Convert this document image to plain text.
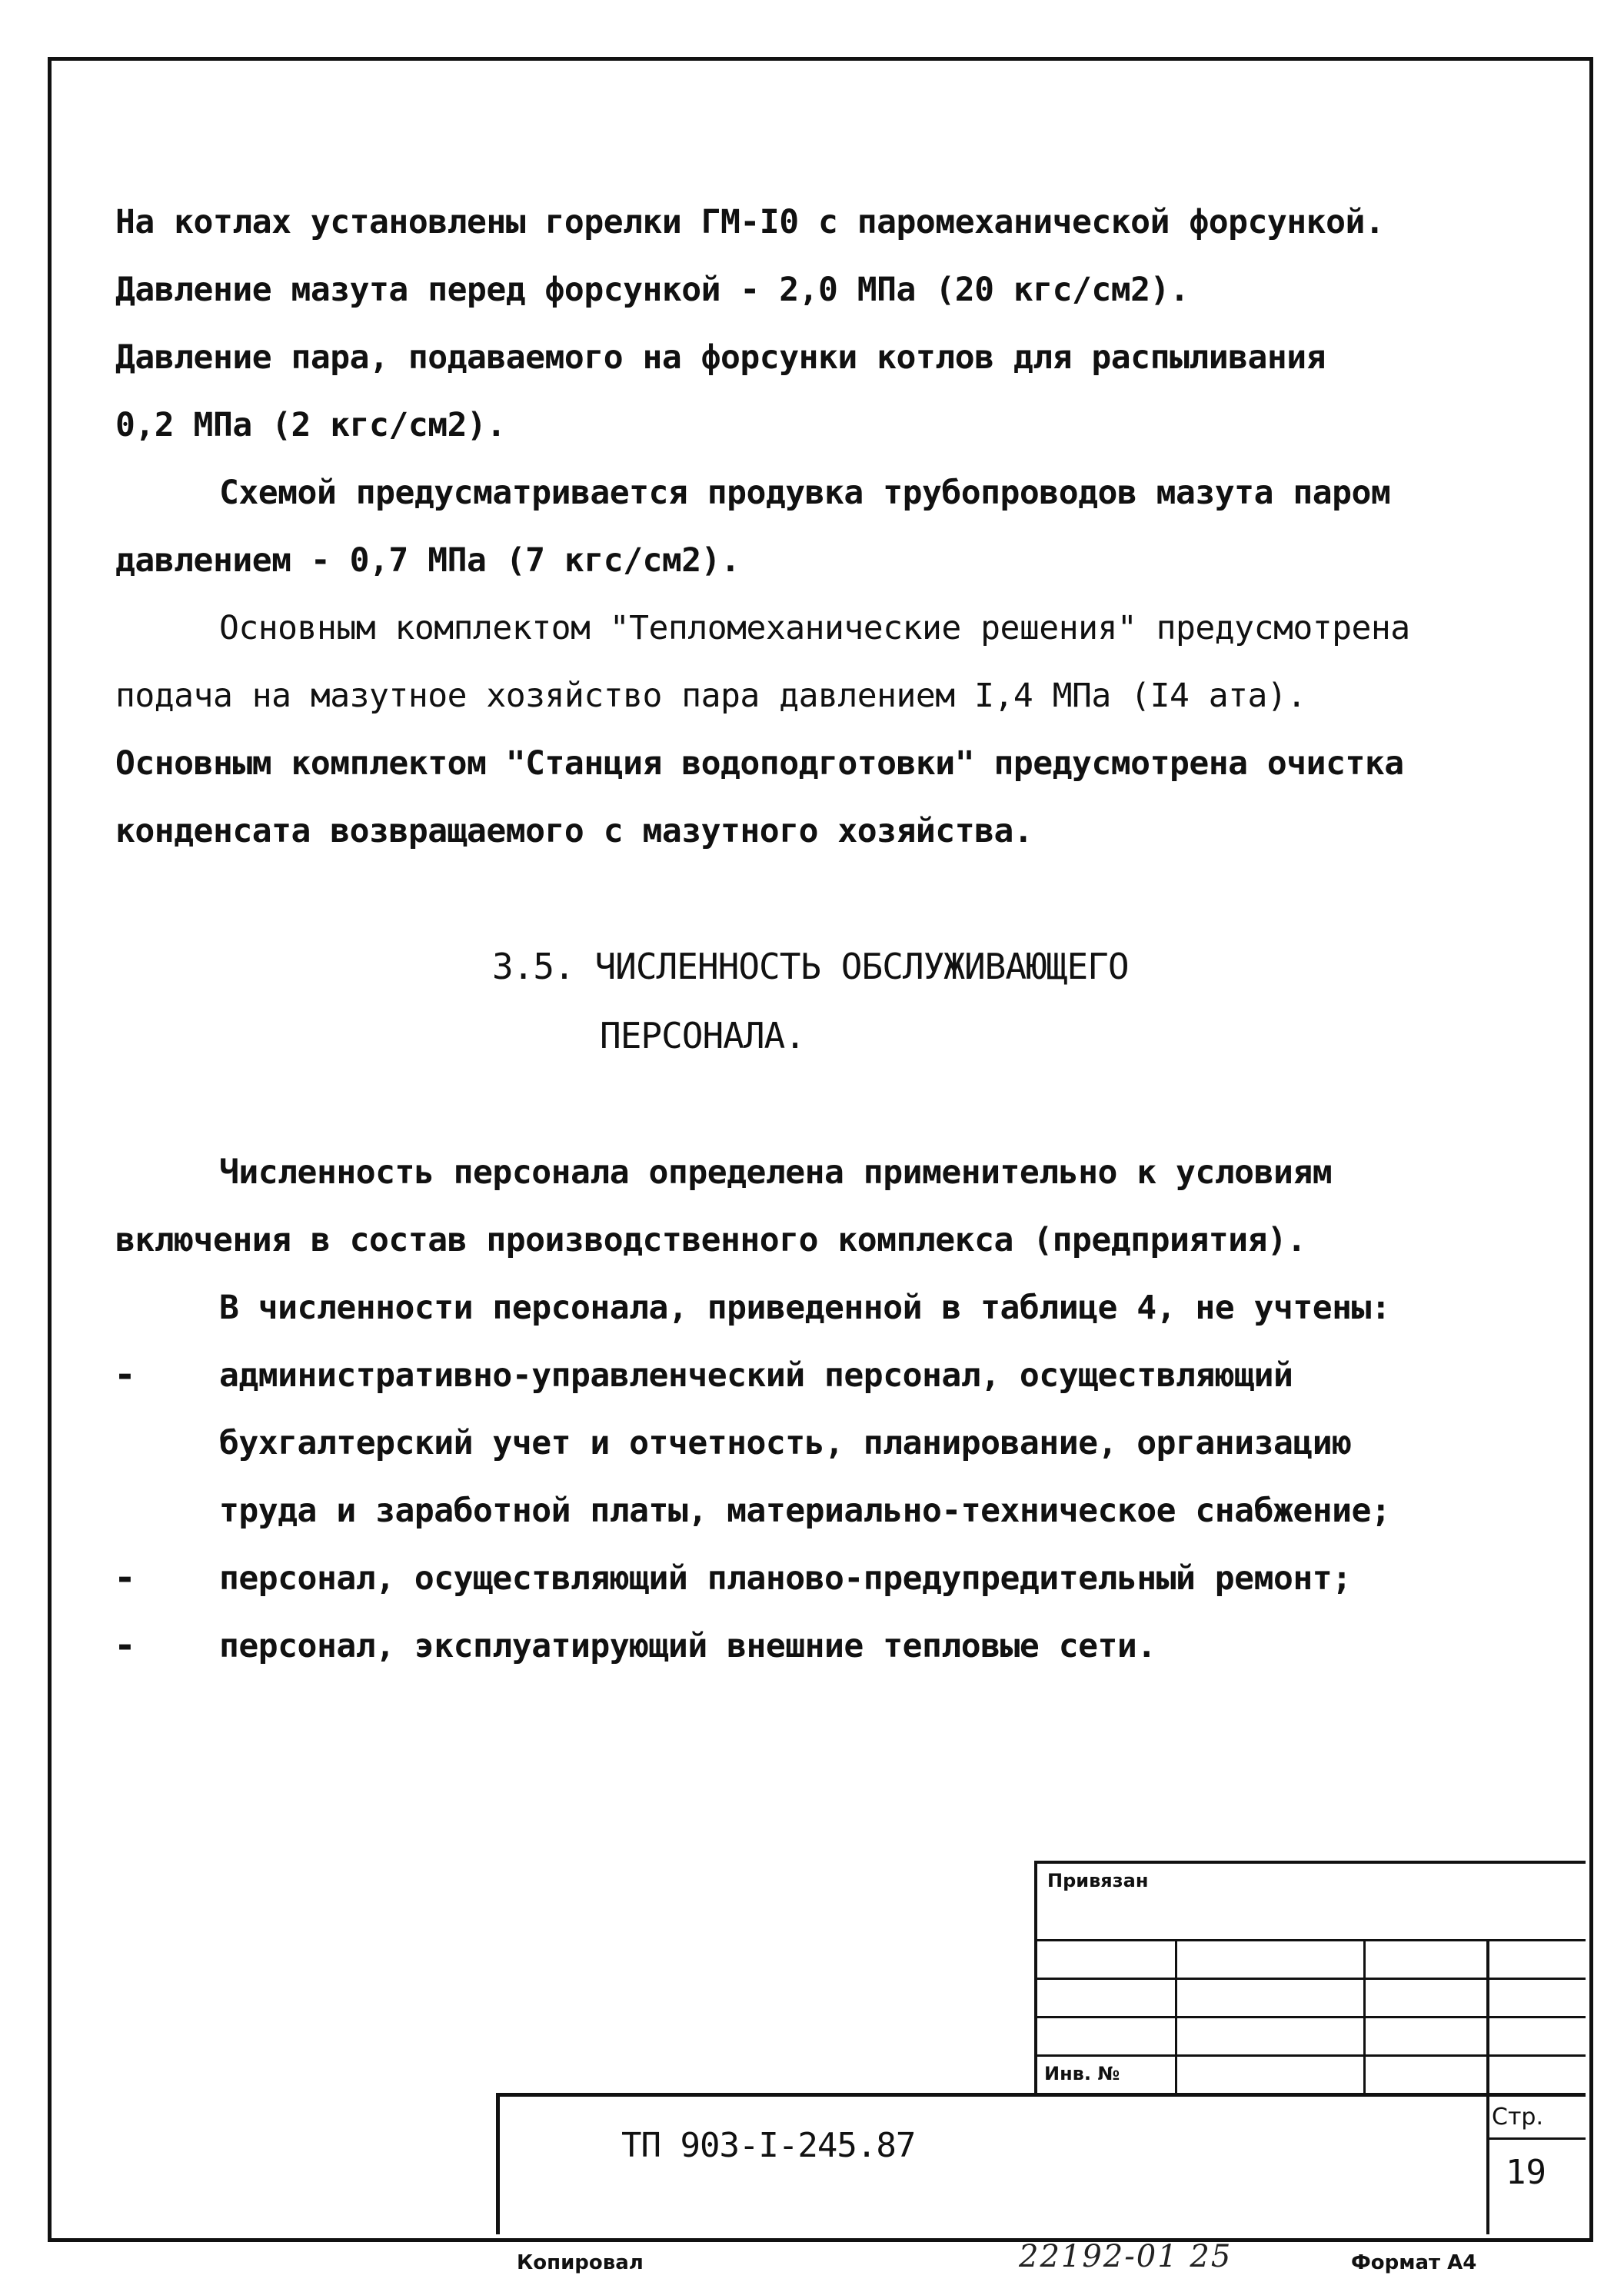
На котлах установлены горелки ГМ-I0 с паромеханической форсункой.
Давление мазута перед форсункой - 2,0 МПа (20 кгс/см2).
Давление пара, подаваемого на форсунки котлов для распыливания
0,2 МПа (2 кгс/см2).
Схемой предусматривается продувка трубопроводов мазута паром
давлением - 0,7 МПа (7 кгс/см2).
Основным комплектом "Тепломеханические решения" предусмотрена
подача на мазутное хозяйство пара давлением I,4 МПа (I4 ата).
Основным комплектом "Станция водоподготовки" предусмотрена очистка
конденсата возвращаемого с мазутного хозяйства.
3.5. ЧИСЛЕННОСТЬ ОБСЛУЖИВАЮЩЕГО
ПЕРСОНАЛА.
Численность персонала определена применительно к условиям
включения в состав производственного комплекса (предприятия).
В численности персонала, приведенной в таблице 4, не учтены:
-	административно-управленческий персонал, осуществляющий
бухгалтерский учет и отчетность, планирование, организацию
труда и заработной платы, материально-техническое снабжение;
-	персонал, осуществляющий планово-предупредительный ремонт;
-	персонал, эксплуатирующий внешние тепловые сети.
Привязан
Инв. №
ТП 903-I-245.87
Стр.
19
Копировал	22192-01 25	Формат А4
